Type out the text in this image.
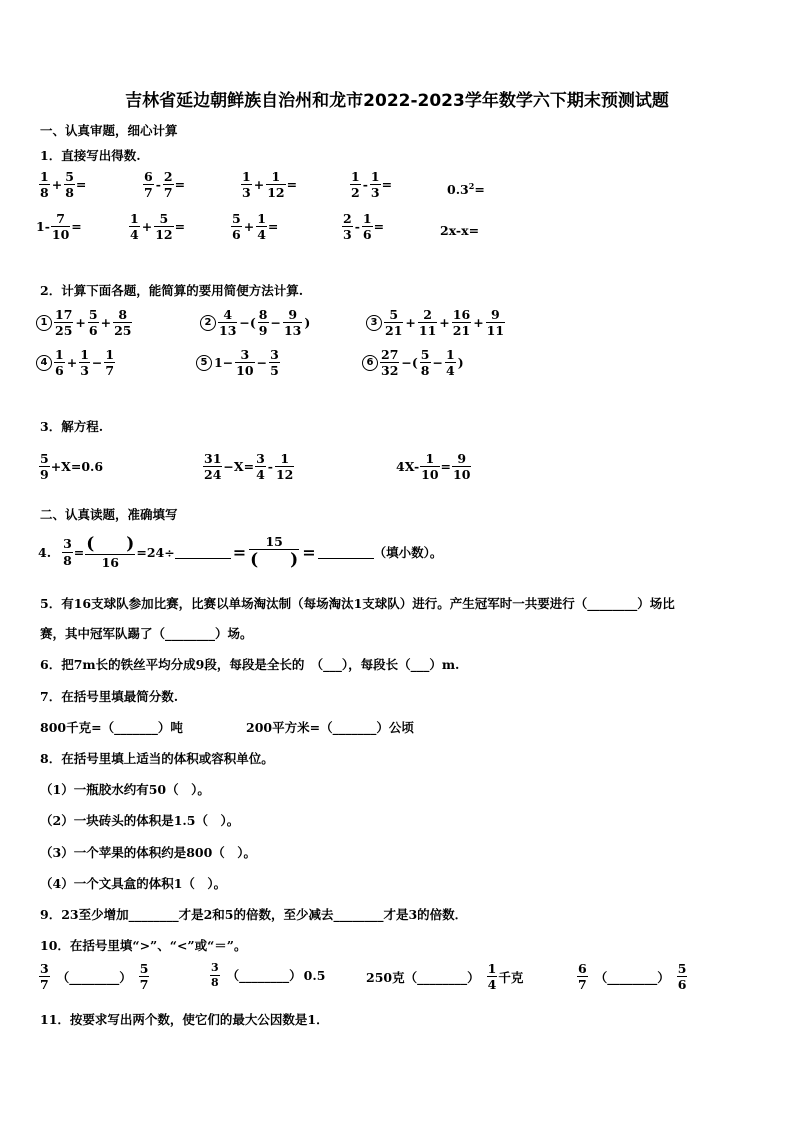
吉林省延边朝鲜族自治州和龙市2022-2023学年数学六下期末预测试题
一、认真审题，细心计算
1．直接写出得数.
$\frac{1}{8} + \frac{5}{8}$ =	$\frac{6}{7} - \frac{2}{7}$ =	$\frac{1}{3} + \frac{1}{12}$ =	$\frac{1}{2} - \frac{1}{3}$ =	$0.3^2=$
$1- \frac{7}{10}$ =	$\frac{1}{4} + \frac{5}{12}$ =	$\frac{5}{6} + \frac{1}{4}$ =	$\frac{2}{3} - \frac{1}{6}$ =	2x-x=
2．计算下面各题，能简算的要用简便方法计算.
$1 \frac{17}{25} + \frac{5}{6} + \frac{8}{25}$	$2 \frac{4}{13}$ −( $\frac{8}{9} - \frac{9}{13}$ )	$3 \frac{5}{21} + \frac{2}{11} + \frac{16}{21} + \frac{9}{11}$
$4 \frac{1}{6} + \frac{1}{3} - \frac{1}{7}$	5 $1- \frac{3}{10} - \frac{3}{5}$	$6 \frac{27}{32}$ −( $\frac{5}{8} - \frac{1}{4}$ )
3．解方程.
$\frac{5}{9} +X=0.6$	$\frac{31}{24} -X= \frac{3}{4} - \frac{1}{12}$	$4X- \frac{1}{10} = \frac{9}{10}$
二、认真读题，准确填写
4. $\frac{3}{8} = \frac{( )}{16} =24\div$	= $\frac{15}{( )}$ =	（填小数）。
5．有16支球队参加比赛，比赛以单场淘汰制（每场淘汰1支球队）进行。产生冠军时一共要进行（________）场比
赛，其中冠军队踢了（________）场。
6．把7m长的铁丝平均分成9段，每段是全长的　（___），每段长（___）m.
7．在括号里填最简分数.
800千克=（_______）吨	200平方米=（_______）公顷
8．在括号里填上适当的体积或容积单位。
（1）一瓶胶水约有50（　）。
（2）一块砖头的体积是1.5（　）。
（3）一个苹果的体积约是800（　）。
（4）一个文具盒的体积1（　）。
9．23至少增加________才是2和5的倍数，至少减去________才是3的倍数．
10．在括号里填“>”、“<”或“＝”。
$\frac{3}{7}$ （________） $\frac{5}{7}$	$\frac{3}{8}$ （________） 0.5	250克 （________） $\frac{1}{4}$ 千克	$\frac{6}{7}$ （________） $\frac{5}{6}$
11．按要求写出两个数，使它们的最大公因数是1．
